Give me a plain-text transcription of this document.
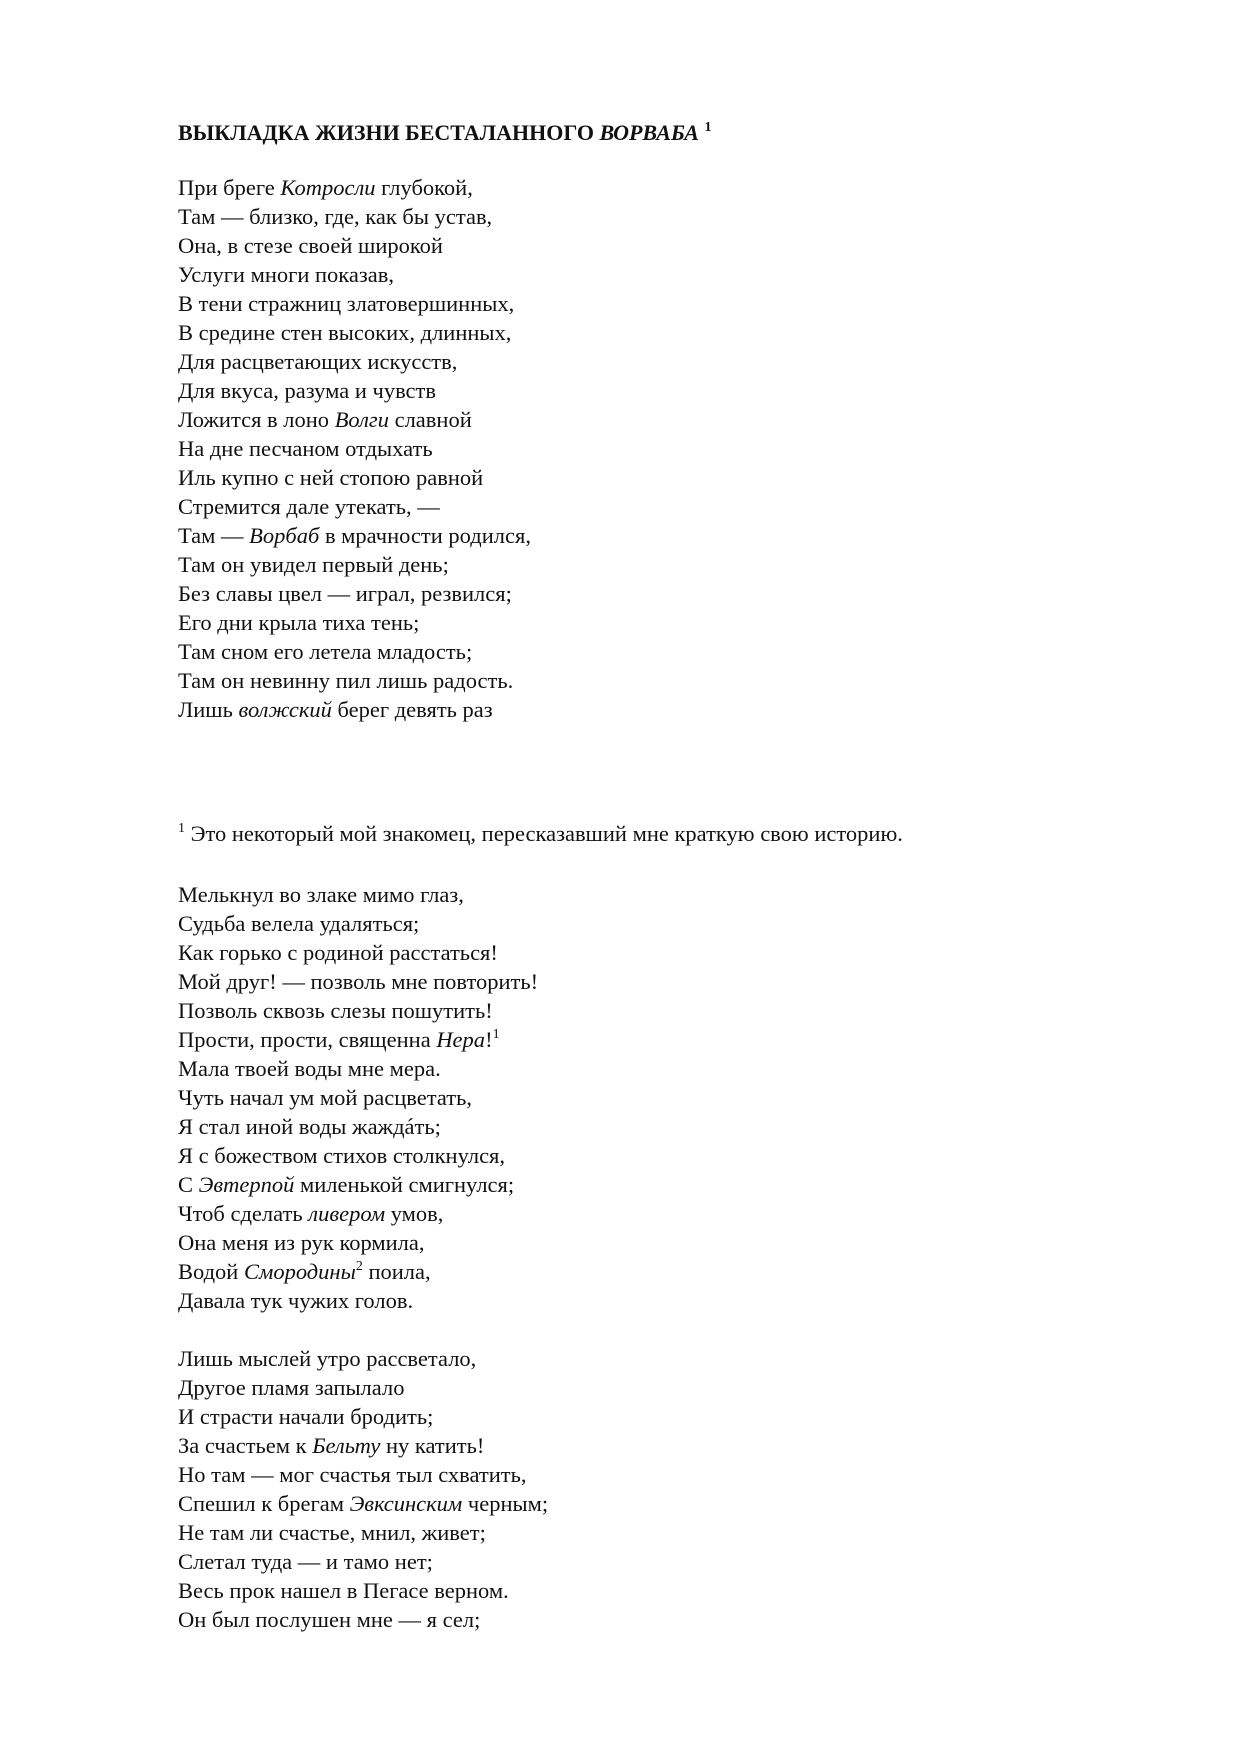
ВЫКЛАДКА ЖИЗНИ БЕСТАЛАННОГО ВОРВАБА $^1$
При бреге Котросли глубокой,
Там — близко, где, как бы устав,
Она, в стезе своей широкой
Услуги многи показав,
В тени стражниц златовершинных,
В средине стен высоких, длинных,
Для расцветающих искусств,
Для вкуса, разума и чувств
Ложится в лоно Волги славной
На дне песчаном отдыхать
Иль купно с ней стопою равной
Стремится дале утекать, —
Там — Ворбаб в мрачности родился,
Там он увидел первый день;
Без славы цвел — играл, резвился;
Его дни крыла тиха тень;
Там сном его летела младость;
Там он невинну пил лишь радость.
Лишь волжский берег девять раз
$^1$ Это некоторый мой знакомец, пересказавший мне краткую свою историю.
Мелькнул во злаке мимо глаз,
Судьба велела удаляться;
Как горько с родиной расстаться!
Мой друг! — позволь мне повторить!
Позволь сквозь слезы пошутить!
Прости, прости, священна Нера!$^1$
Мала твоей воды мне мера.
Чуть начал ум мой расцветать,
Я стал иной воды жаждáть;
Я с божеством стихов столкнулся,
С Эвтерпой миленькой смигнулся;
Чтоб сделать ливером умов,
Она меня из рук кормила,
Водой Смородины$^2$ поила,
Давала тук чужих голов.
Лишь мыслей утро рассветало,
Другое пламя запылало
И страсти начали бродить;
За счастьем к Бельту ну катить!
Но там — мог счастья тыл схватить,
Спешил к брегам Эвксинским черным;
Не там ли счастье, мнил, живет;
Слетал туда — и тамо нет;
Весь прок нашел в Пегасе верном.
Он был послушен мне — я сел;
